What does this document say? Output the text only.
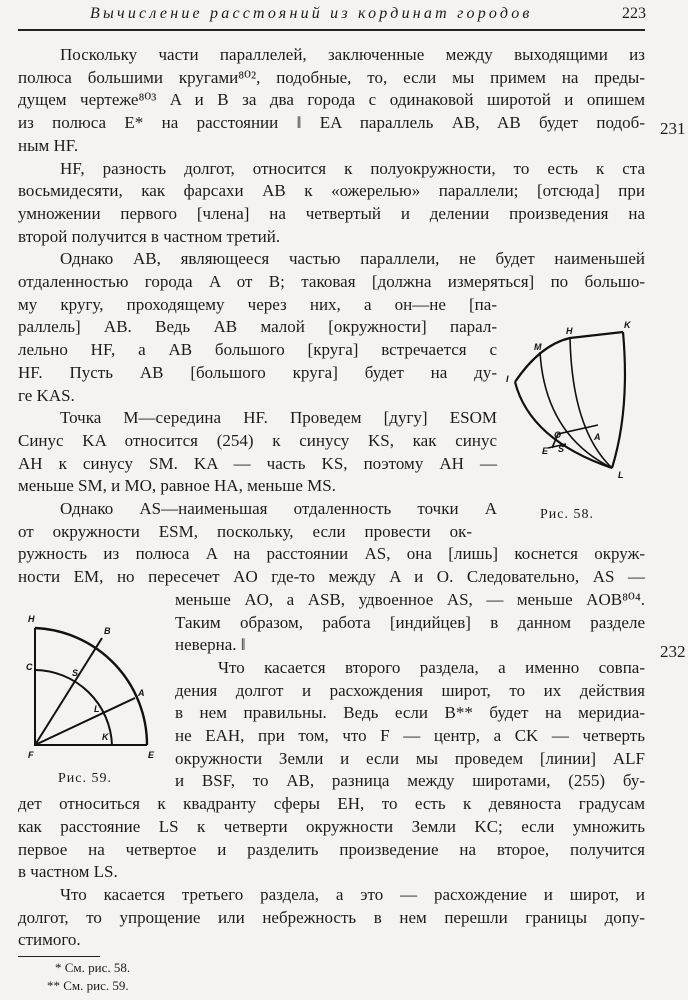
Вычисление расстояний из кординат городов	223
Поскольку части параллелей, заключенные между выходящими из
полюса большими кругами⁸⁰², подобные, то, если мы примем на преды-
дущем чертеже⁸⁰³ A и B за два города с одинаковой широтой и опишем
из полюса E* на расстоянии ‖ EA параллель AB, AB будет подоб-
ным HF.
HF, разность долгот, относится к полуокружности, то есть к ста
восьмидесяти, как фарсахи AB к «ожерелью» параллели; [отсюда] при
умножении первого [члена] на четвертый и делении произведения на
второй получится в частном третий.
Однако AB, являющееся частью параллели, не будет наименьшей
отдаленностью города A от B; таковая [должна измеряться] по большо-
му кругу, проходящему через них, а он—не [па-
раллель] AB. Ведь AB малой [окружности] парал-
лельно HF, а AB большого [круга] встречается с
HF. Пусть AB [большого круга] будет на ду-
ге KAS.
Точка M—середина HF. Проведем [дугу] ESOM
Синус KA относится (254) к синусу KS, как синус
AH к синусу SM. KA — часть KS, поэтому AH —
меньше SM, и MO, равное HA, меньше MS.
Однако AS—наименьшая отдаленность точки A
от окружности ESM, поскольку, если провести ок-
ружность из полюса A на расстоянии AS, она [лишь] коснется окруж-
ности EM, но пересечет AO где-то между A и O. Следовательно, AS —
меньше AO, а ASB, удвоенное AS, — меньше AOB⁸⁰⁴.
Таким образом, работа [индийцев] в данном разделе
неверна. ‖
Что касается второго раздела, а именно совпа-
дения долгот и расхождения широт, то их действия
в нем правильны. Ведь если B** будет на меридиа-
не EAH, при том, что F — центр, а CK — четверть
окружности Земли и если мы проведем [линии] ALF
и BSF, то AB, разница между широтами, (255) бу-
дет относиться к квадранту сферы EH, то есть к девяноста градусам
как расстояние LS к четверти окружности Земли KC; если умножить
первое на четвертое и разделить произведение на второе, получится
в частном LS.
Что касается третьего раздела, а это — расхождение и широт, и
долгот, то упрощение или небрежность в нем перешли границы допу-
стимого.
231
232
I
M
H
K
O	A
E S
L
Рис. 58.
H
B
C
S
A
L
K
F	E
Рис. 59.
* См. рис. 58.
** См. рис. 59.
